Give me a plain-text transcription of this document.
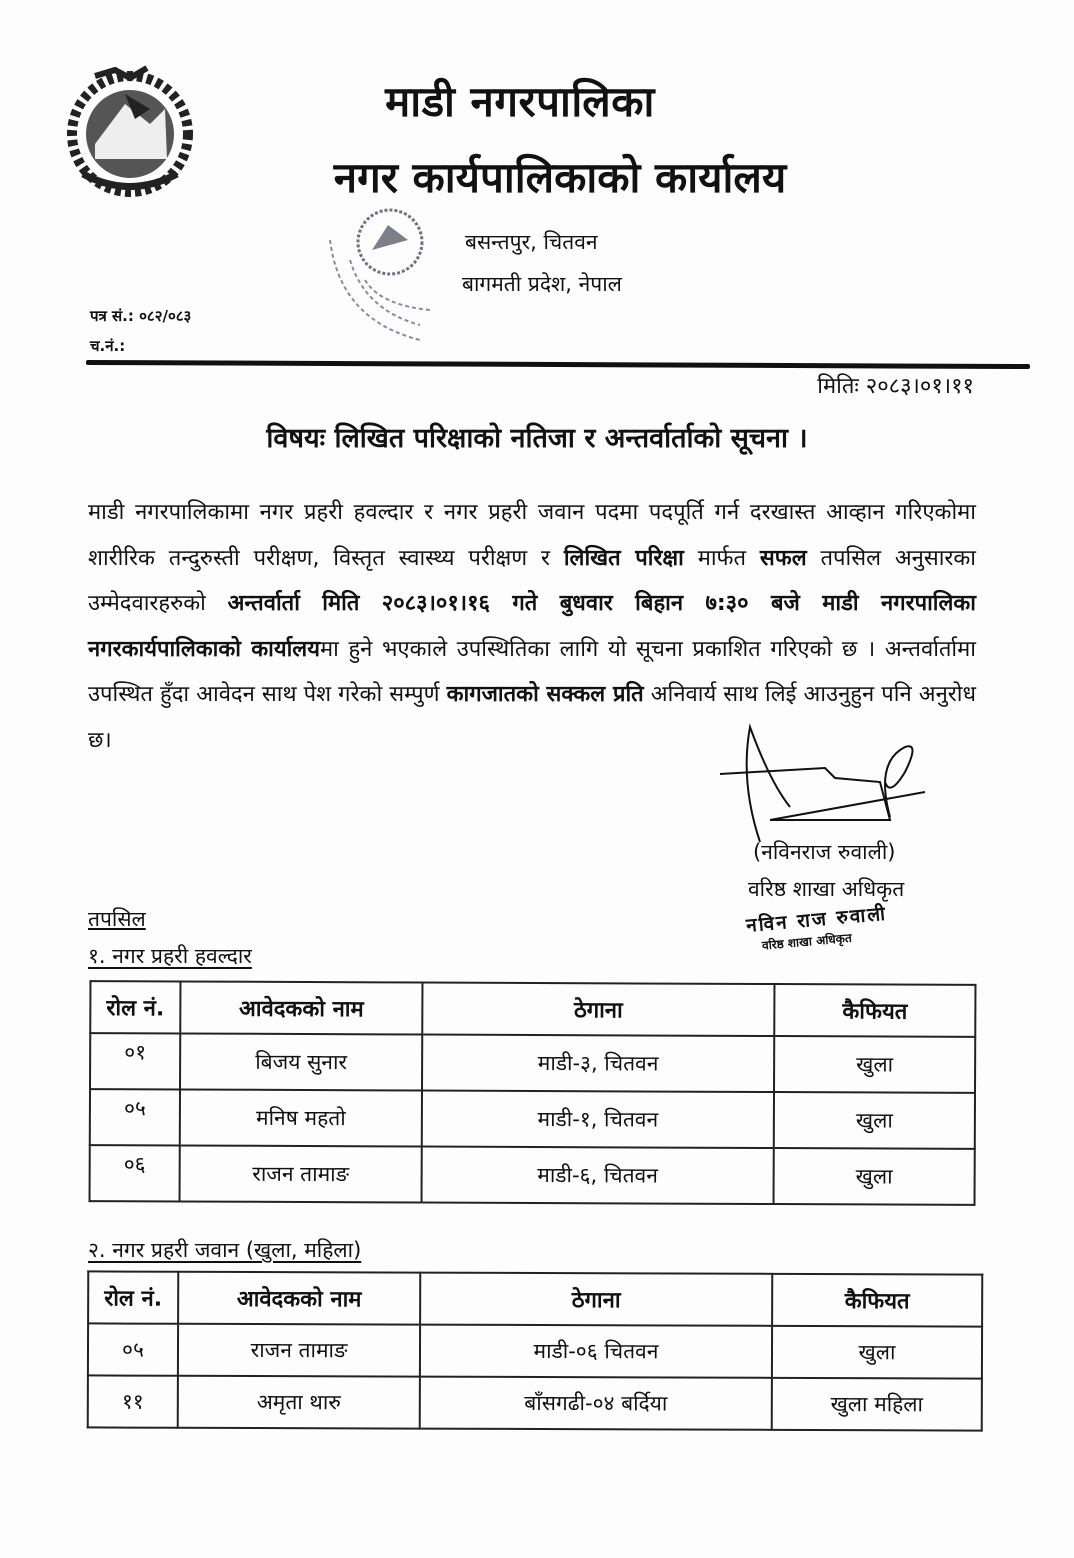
माडी नगरपालिका
नगर कार्यपालिकाको कार्यालय
बसन्तपुर, चितवन
बागमती प्रदेश, नेपाल
पत्र सं.: ०८२/०८३
च.नं.:
मितिः २०८३।०१।११
विषयः लिखित परिक्षाको नतिजा र अन्तर्वार्ताको सूचना ।
माडी नगरपालिकामा नगर प्रहरी हवल्दार र नगर प्रहरी जवान पदमा पदपूर्ति गर्न दरखास्त आव्हान गरिएकोमा शारीरिक तन्दुरुस्ती परीक्षण, विस्तृत स्वास्थ्य परीक्षण र लिखित परिक्षा मार्फत सफल तपसिल अनुसारका उम्मेदवारहरुको अन्तर्वार्ता मिति २०८३।०१।१६ गते बुधवार बिहान ७:३० बजे माडी नगरपालिका नगरकार्यपालिकाको कार्यालयमा हुने भएकाले उपस्थितिका लागि यो सूचना प्रकाशित गरिएको छ । अन्तर्वार्तामा उपस्थित हुँदा आवेदन साथ पेश गरेको सम्पुर्ण कागजातको सक्कल प्रति अनिवार्य साथ लिई आउनुहुन पनि अनुरोध छ।
(नविनराज रुवाली)
वरिष्ठ शाखा अधिकृत
नविन राज रुवाली
वरिष्ठ शाखा अधिकृत
तपसिल
१. नगर प्रहरी हवल्दार
रोल नं.	आवेदकको नाम	ठेगाना	कैफियत
०१	बिजय सुनार	माडी-३, चितवन	खुला
०५	मनिष महतो	माडी-१, चितवन	खुला
०६	राजन तामाङ	माडी-६, चितवन	खुला
२. नगर प्रहरी जवान (खुला, महिला)
रोल नं.	आवेदकको नाम	ठेगाना	कैफियत
०५	राजन तामाङ	माडी-०६ चितवन	खुला
११	अमृता थारु	बाँसगढी-०४ बर्दिया	खुला महिला
